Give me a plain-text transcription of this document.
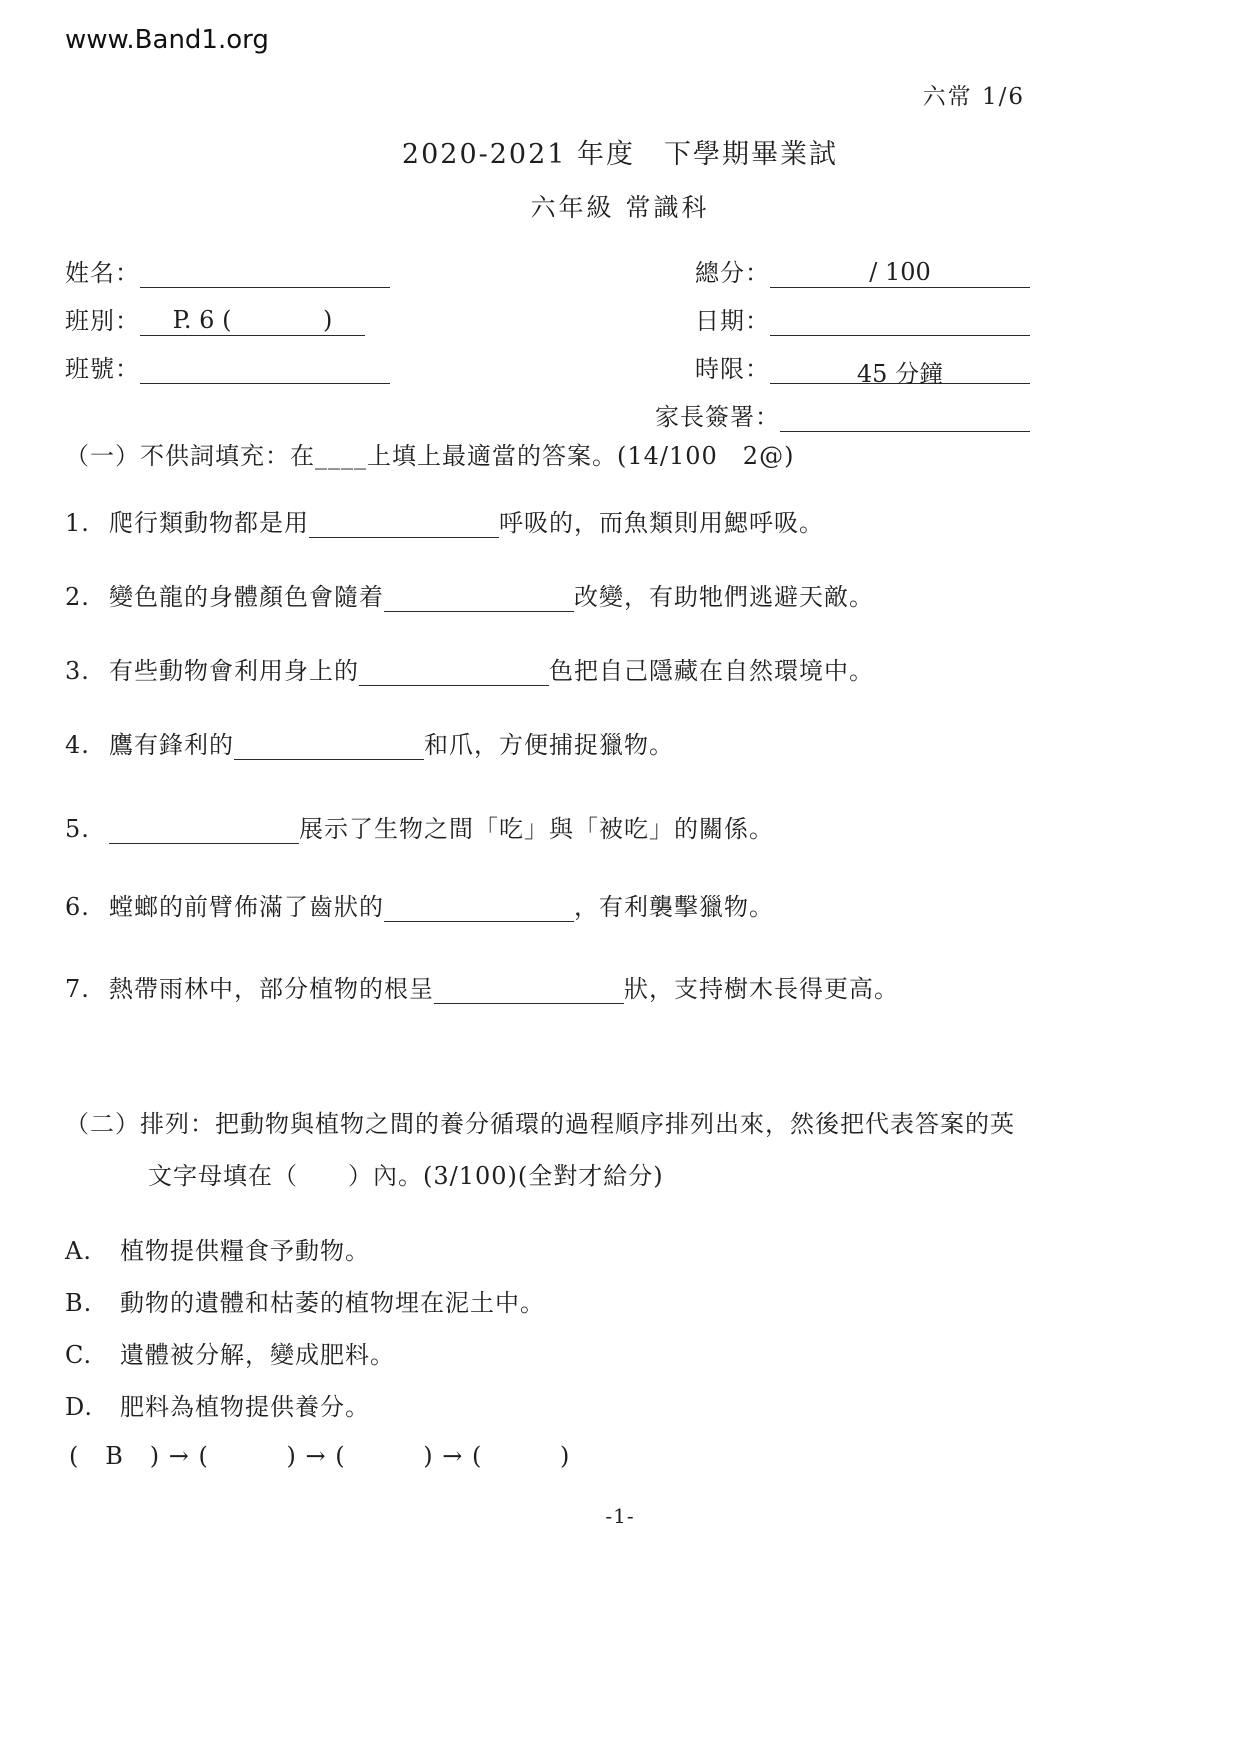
www.Band1.org
六常 1/6
2020-2021 年度　下學期畢業試
六年級 常識科
姓名：	總分：	/ 100
班別：	P. 6 (            )	日期：
班號：	時限：	45 分鐘
家長簽署：
（一）不供詞填充：在____上填上最適當的答案。(14/100　2@)
1. 爬行類動物都是用	呼吸的，而魚類則用鰓呼吸。
2. 變色龍的身體顏色會隨着	改變，有助牠們逃避天敵。
3. 有些動物會利用身上的	色把自己隱藏在自然環境中。
4. 鷹有鋒利的	和爪，方便捕捉獵物。
5.	展示了生物之間「吃」與「被吃」的關係。
6. 螳螂的前臂佈滿了齒狀的	，有利襲擊獵物。
7. 熱帶雨林中，部分植物的根呈	狀，支持樹木長得更高。
（二）排列：把動物與植物之間的養分循環的過程順序排列出來，然後把代表答案的英
文字母填在（　　）內。(3/100)(全對才給分)
A.	植物提供糧食予動物。
B.	動物的遺體和枯萎的植物埋在泥土中。
C.	遺體被分解，變成肥料。
D.	肥料為植物提供養分。
(   B   ) → (         ) → (         ) → (         )
-1-
